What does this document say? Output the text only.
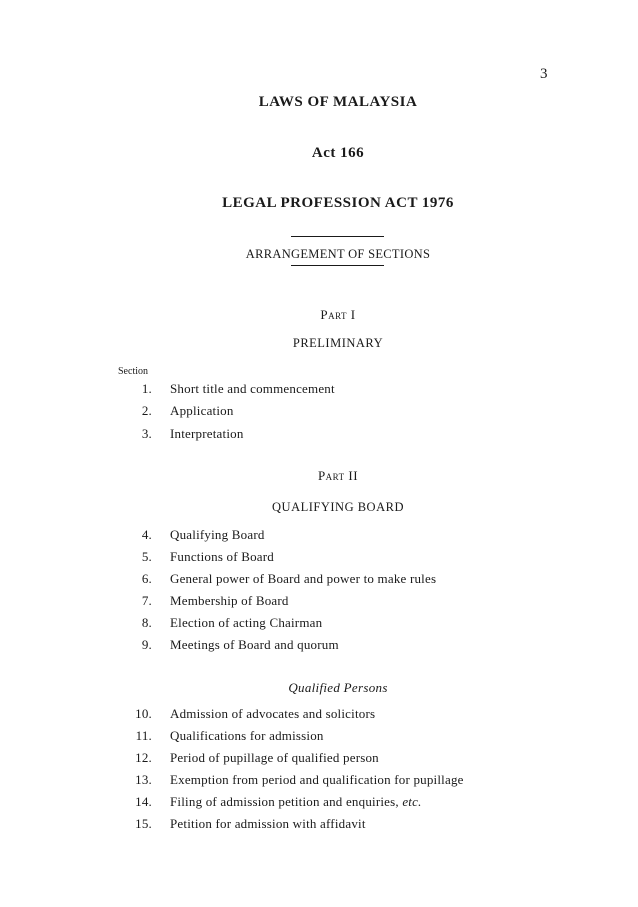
3
LAWS OF MALAYSIA
Act 166
LEGAL PROFESSION ACT 1976
ARRANGEMENT OF SECTIONS
Part I
PRELIMINARY
Section
1. Short title and commencement
2. Application
3. Interpretation
Part II
QUALIFYING BOARD
4. Qualifying Board
5. Functions of Board
6. General power of Board and power to make rules
7. Membership of Board
8. Election of acting Chairman
9. Meetings of Board and quorum
Qualified Persons
10. Admission of advocates and solicitors
11. Qualifications for admission
12. Period of pupillage of qualified person
13. Exemption from period and qualification for pupillage
14. Filing of admission petition and enquiries, etc.
15. Petition for admission with affidavit
